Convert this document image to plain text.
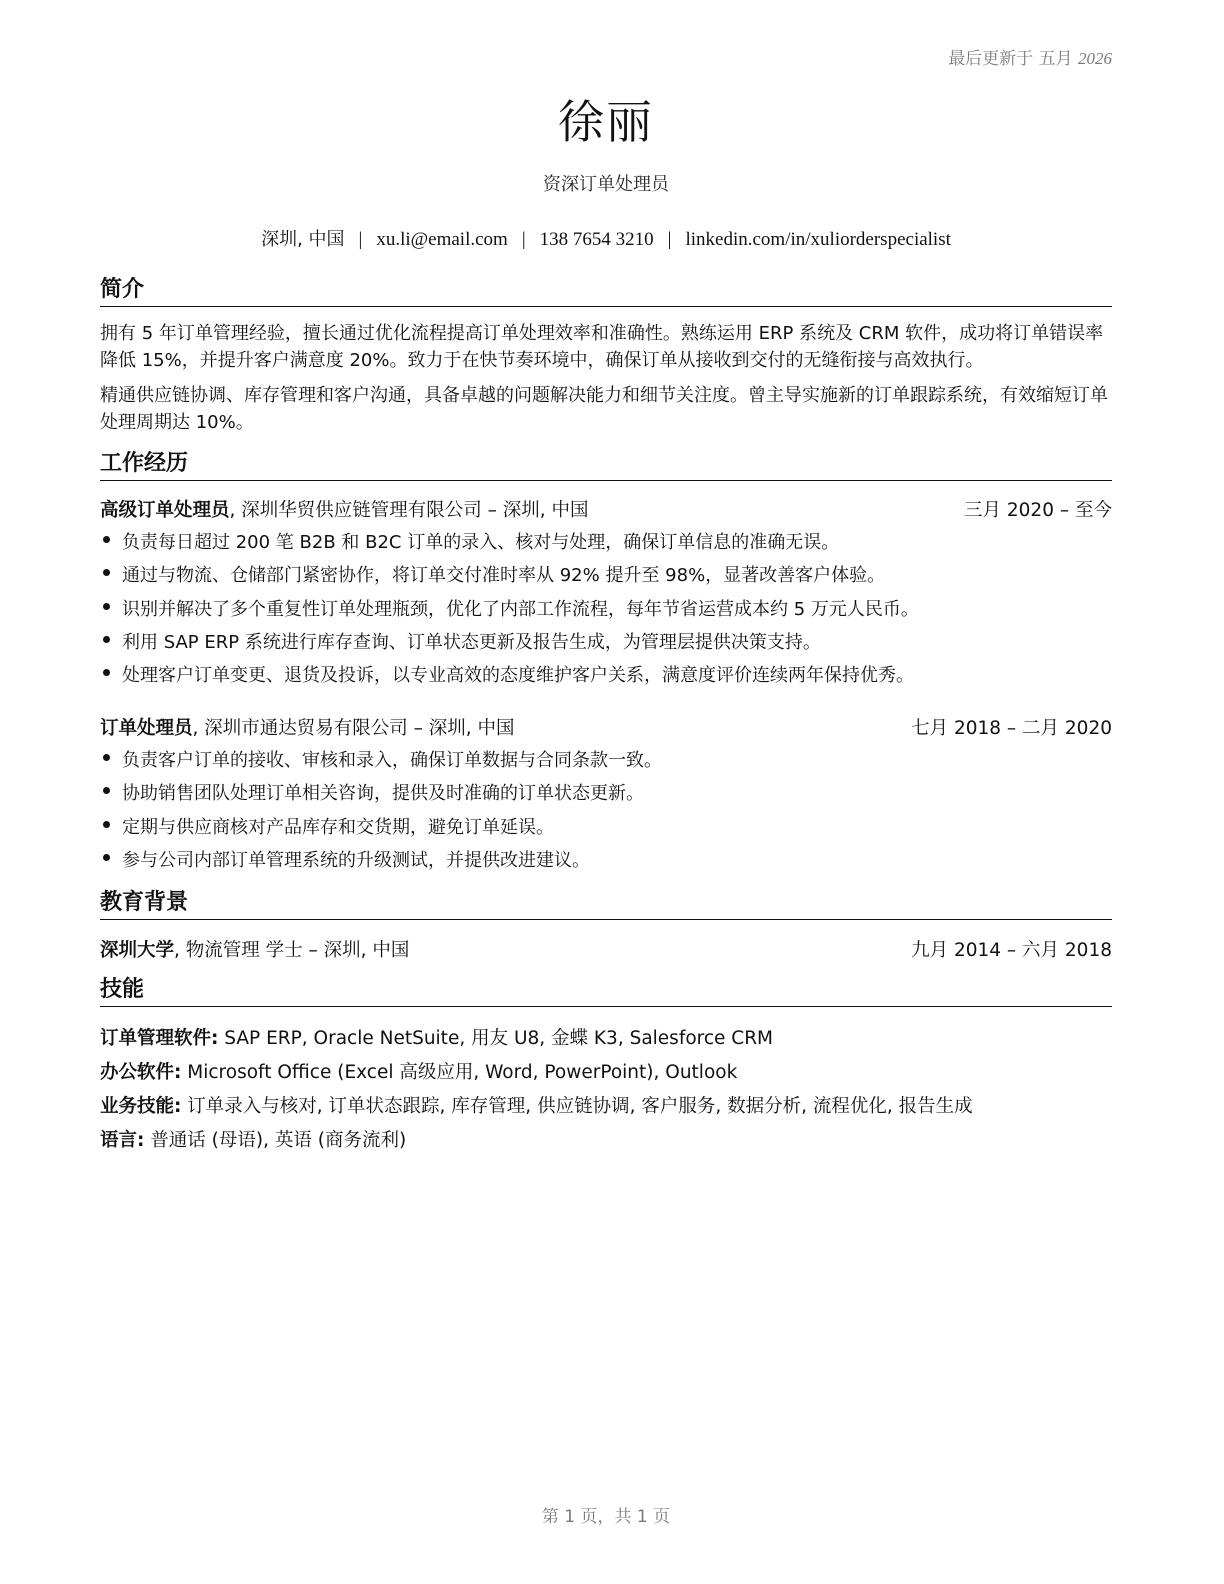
最后更新于 五月 2026
徐丽
资深订单处理员
深圳, 中国 | xu.li@email.com | 138 7654 3210 | linkedin.com/in/xuliorderspecialist
简介
拥有 5 年订单管理经验，擅长通过优化流程提高订单处理效率和准确性。熟练运用 ERP 系统及 CRM 软件，成功将订单错误率降低 15%，并提升客户满意度 20%。致力于在快节奏环境中，确保订单从接收到交付的无缝衔接与高效执行。
精通供应链协调、库存管理和客户沟通，具备卓越的问题解决能力和细节关注度。曾主导实施新的订单跟踪系统，有效缩短订单处理周期达 10%。
工作经历
高级订单处理员, 深圳华贸供应链管理有限公司 – 深圳, 中国	三月 2020 – 至今
负责每日超过 200 笔 B2B 和 B2C 订单的录入、核对与处理，确保订单信息的准确无误。
通过与物流、仓储部门紧密协作，将订单交付准时率从 92% 提升至 98%，显著改善客户体验。
识别并解决了多个重复性订单处理瓶颈，优化了内部工作流程，每年节省运营成本约 5 万元人民币。
利用 SAP ERP 系统进行库存查询、订单状态更新及报告生成，为管理层提供决策支持。
处理客户订单变更、退货及投诉，以专业高效的态度维护客户关系，满意度评价连续两年保持优秀。
订单处理员, 深圳市通达贸易有限公司 – 深圳, 中国	七月 2018 – 二月 2020
负责客户订单的接收、审核和录入，确保订单数据与合同条款一致。
协助销售团队处理订单相关咨询，提供及时准确的订单状态更新。
定期与供应商核对产品库存和交货期，避免订单延误。
参与公司内部订单管理系统的升级测试，并提供改进建议。
教育背景
深圳大学, 物流管理 学士 – 深圳, 中国	九月 2014 – 六月 2018
技能
订单管理软件: SAP ERP, Oracle NetSuite, 用友 U8, 金蝶 K3, Salesforce CRM
办公软件: Microsoft Office (Excel 高级应用, Word, PowerPoint), Outlook
业务技能: 订单录入与核对, 订单状态跟踪, 库存管理, 供应链协调, 客户服务, 数据分析, 流程优化, 报告生成
语言: 普通话 (母语), 英语 (商务流利)
第 1 页，共 1 页
